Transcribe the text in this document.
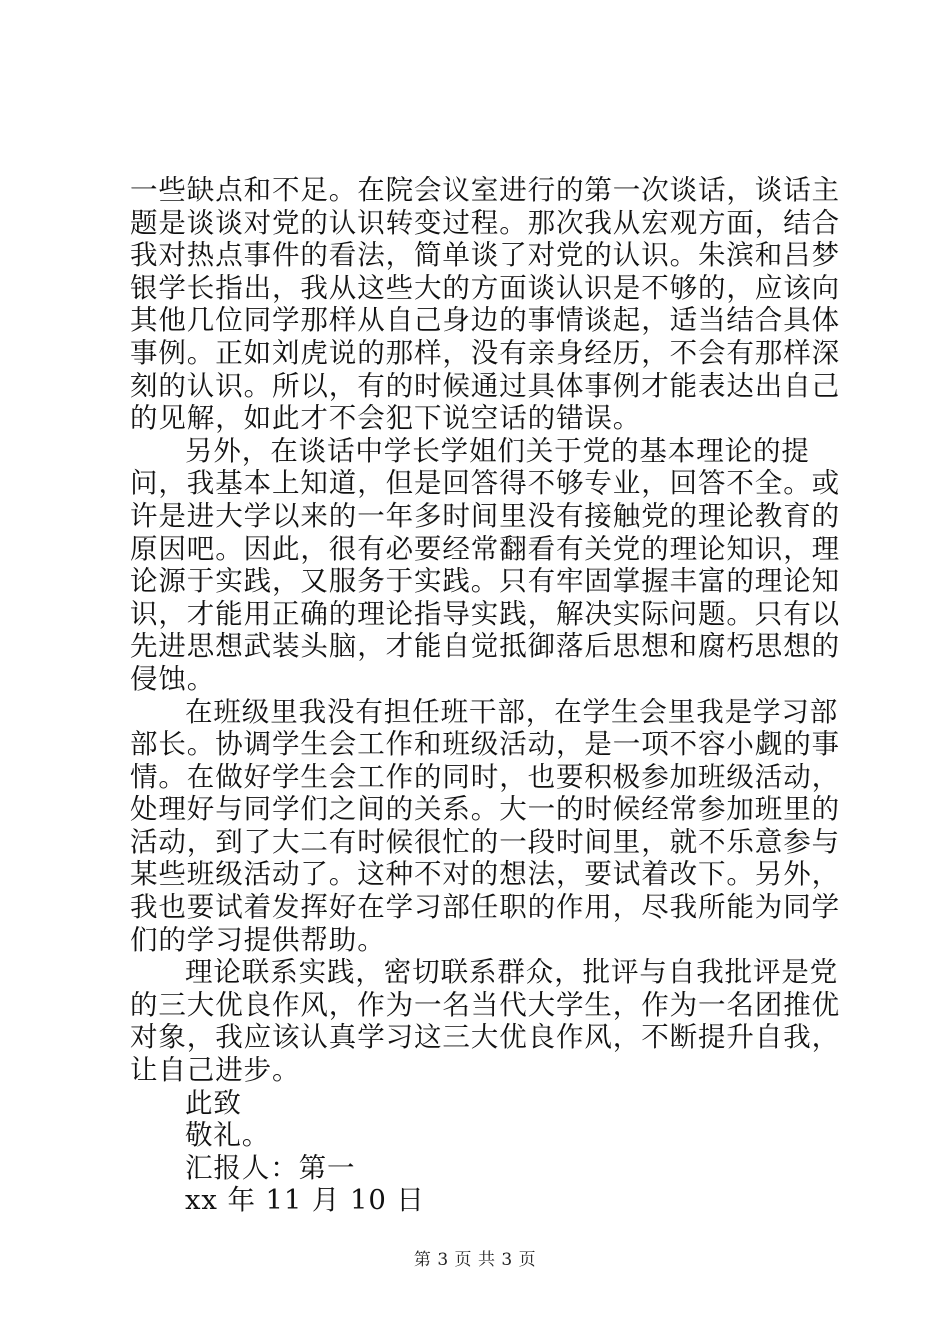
一些缺点和不足。在院会议室进行的第一次谈话，谈话主题是谈谈对党的认识转变过程。那次我从宏观方面，结合我对热点事件的看法，简单谈了对党的认识。朱滨和吕梦银学长指出，我从这些大的方面谈认识是不够的，应该向其他几位同学那样从自己身边的事情谈起，适当结合具体事例。正如刘虎说的那样，没有亲身经历，不会有那样深刻的认识。所以，有的时候通过具体事例才能表达出自己的见解，如此才不会犯下说空话的错误。

另外，在谈话中学长学姐们关于党的基本理论的提问，我基本上知道，但是回答得不够专业，回答不全。或许是进大学以来的一年多时间里没有接触党的理论教育的原因吧。因此，很有必要经常翻看有关党的理论知识，理论源于实践，又服务于实践。只有牢固掌握丰富的理论知识，才能用正确的理论指导实践，解决实际问题。只有以先进思想武装头脑，才能自觉抵御落后思想和腐朽思想的侵蚀。

在班级里我没有担任班干部，在学生会里我是学习部部长。协调学生会工作和班级活动，是一项不容小觑的事情。在做好学生会工作的同时，也要积极参加班级活动，处理好与同学们之间的关系。大一的时候经常参加班里的活动，到了大二有时候很忙的一段时间里，就不乐意参与某些班级活动了。这种不对的想法，要试着改下。另外，我也要试着发挥好在学习部任职的作用，尽我所能为同学们的学习提供帮助。

理论联系实践，密切联系群众，批评与自我批评是党的三大优良作风，作为一名当代大学生，作为一名团推优对象，我应该认真学习这三大优良作风，不断提升自我，让自己进步。

此致

敬礼。

汇报人：第一

xx 年 11 月 10 日

第 3 页 共 3 页
